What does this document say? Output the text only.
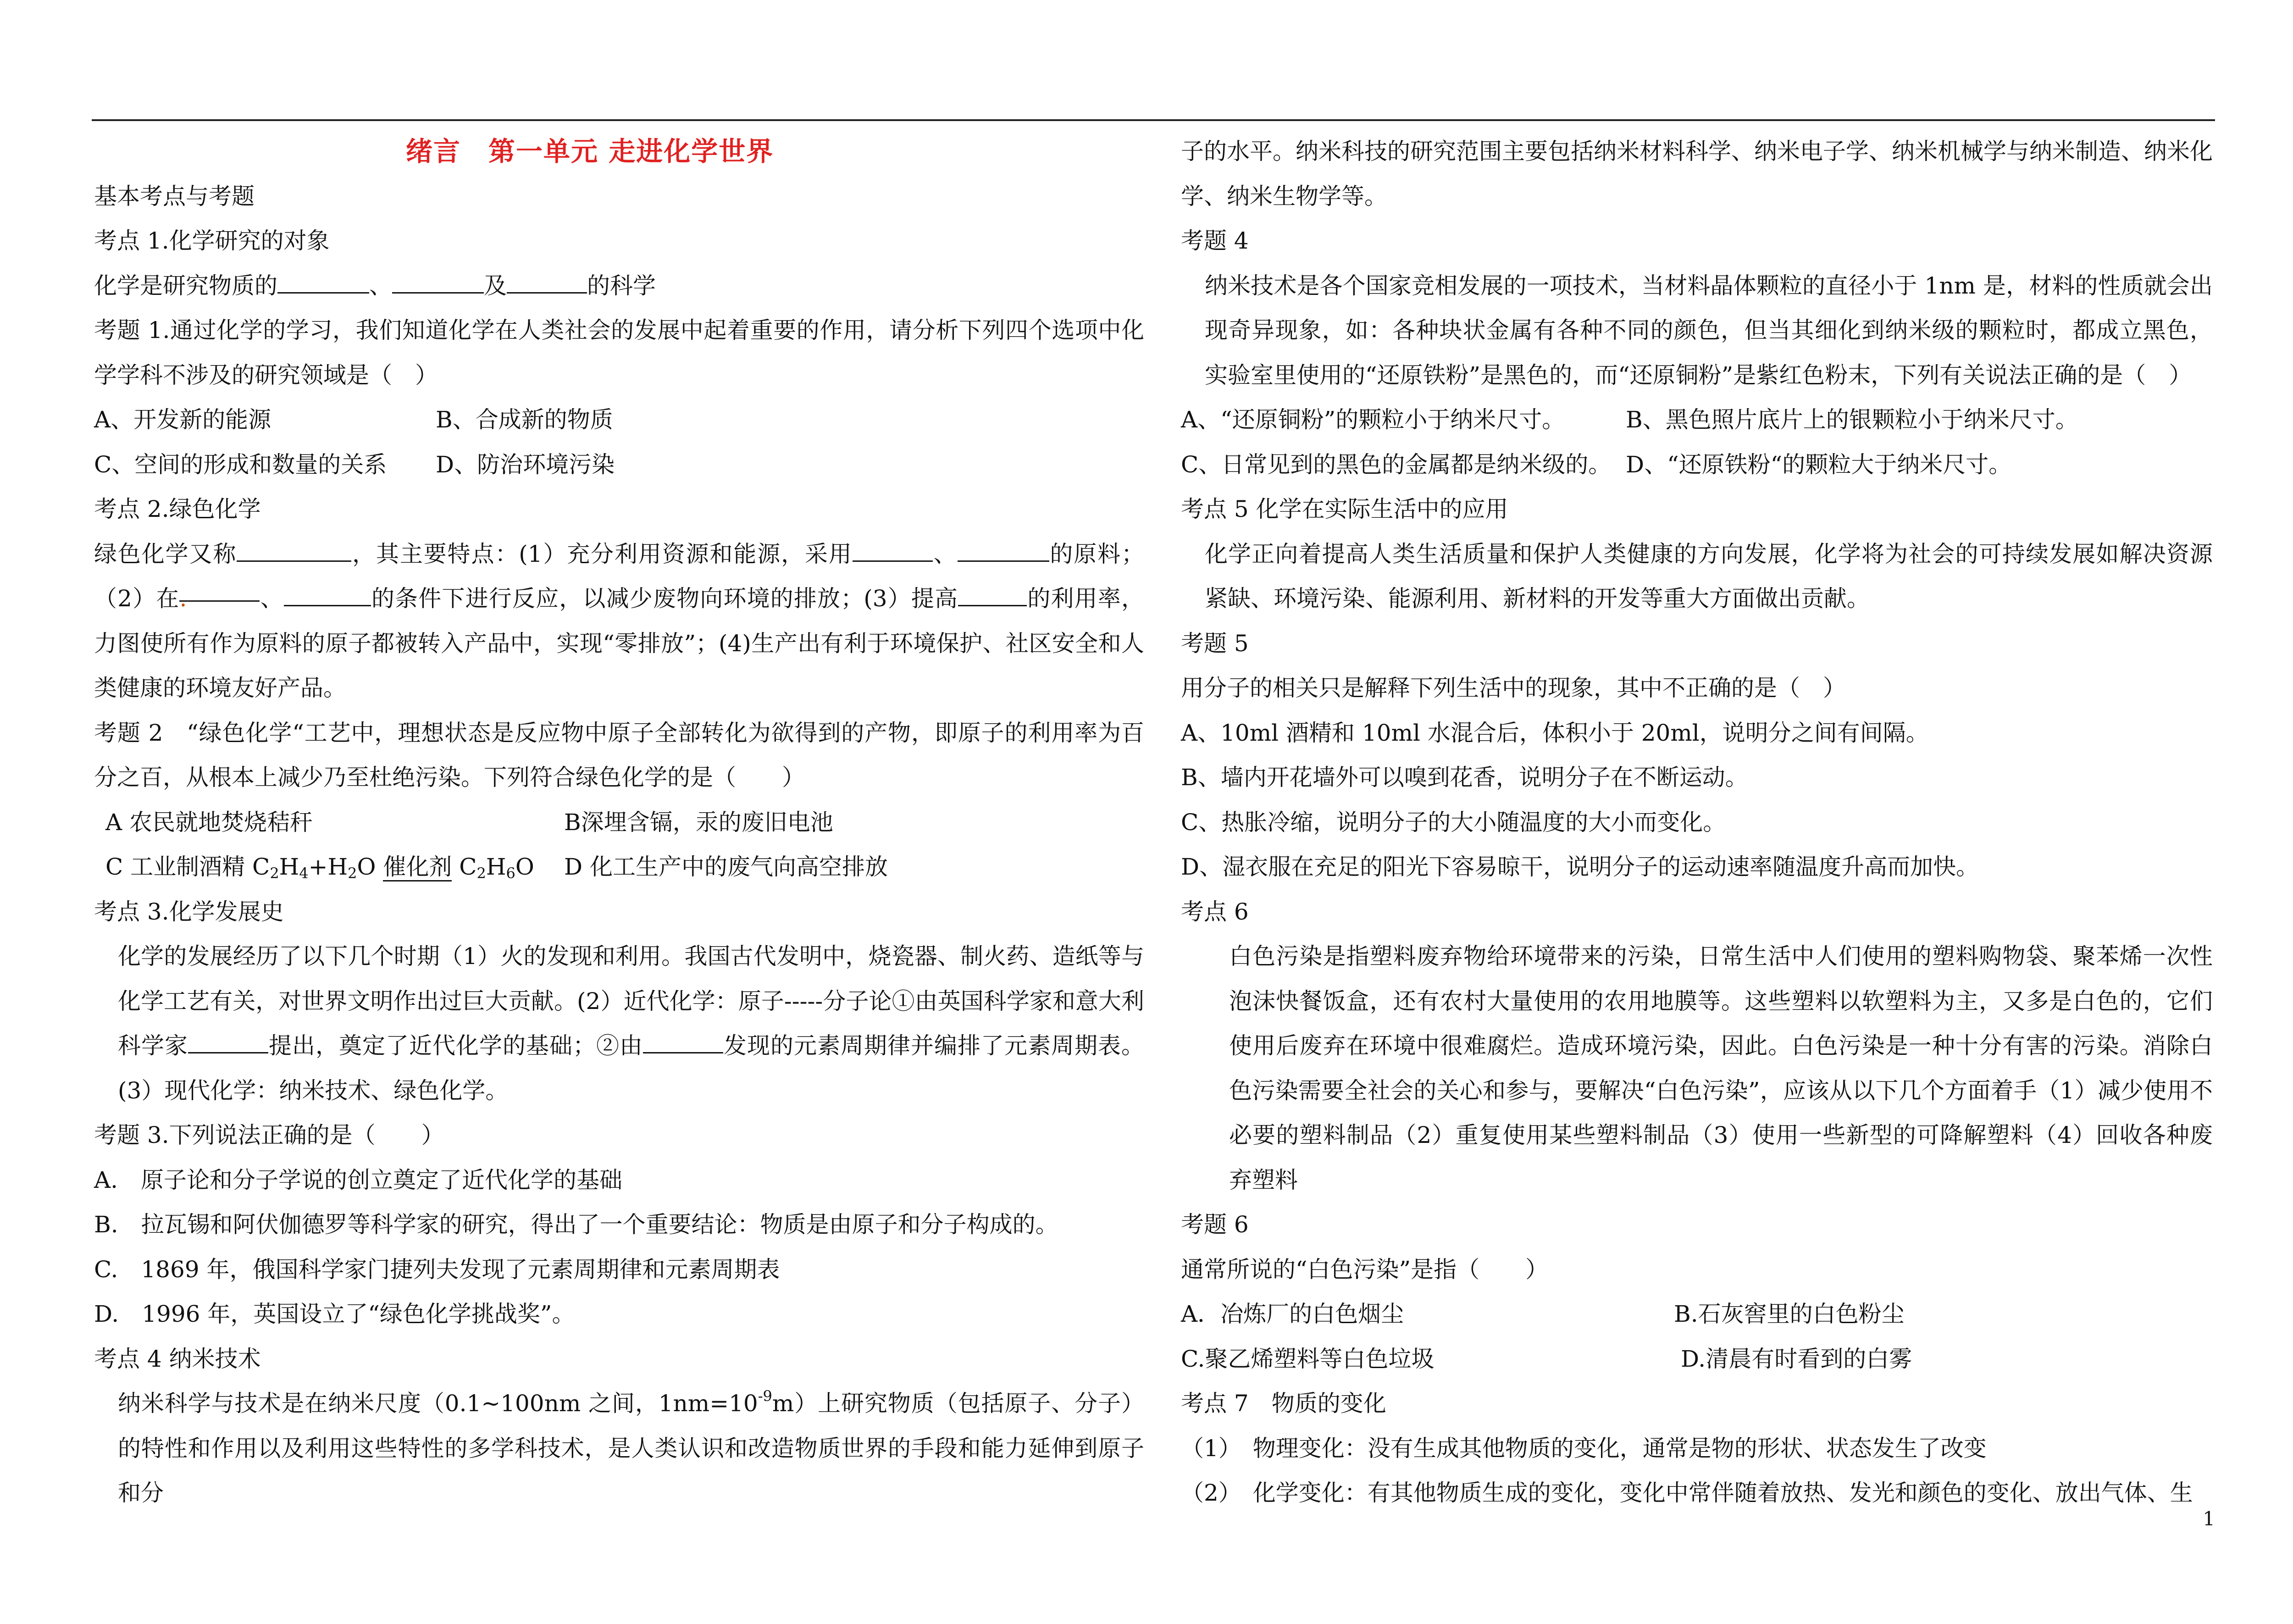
绪言　第一单元 走进化学世界
基本考点与考题
考点 1.化学研究的对象
化学是研究物质的	、	及	的科学
考题 1.通过化学的学习，我们知道化学在人类社会的发展中起着重要的作用，请分析下列四个选项中化学学科不涉及的研究领域是（　）
A、开发新的能源	B、合成新的物质
C、空间的形成和数量的关系 D、防治环境污染
考点 2.绿色化学
绿色化学又称	，其主要特点：(1）充分利用资源和能源，采用	、	的原料；（2）在.	、	的条件下进行反应，以减少废物向环境的排放；(3）提高	的利用率，力图使所有作为原料的原子都被转入产品中，实现“零排放”；(4)生产出有利于环境保护、社区安全和人类健康的环境友好产品。
考题 2　“绿色化学“工艺中，理想状态是反应物中原子全部转化为欲得到的产物，即原子的利用率为百分之百，从根本上减少乃至杜绝污染。下列符合绿色化学的是（　　）
A 农民就地焚烧秸秆	B深埋含镉，汞的废旧电池
C 工业制酒精 $C_2H_4+H_2O$ 催化剂 $C_2H_6O$ D 化工生产中的废气向高空排放
考点 3.化学发展史
化学的发展经历了以下几个时期（1）火的发现和利用。我国古代发明中，烧瓷器、制火药、造纸等与化学工艺有关，对世界文明作出过巨大贡献。(2）近代化学：原子-----分子论①由英国科学家和意大利科学家	提出，奠定了近代化学的基础；②由	发现的元素周期律并编排了元素周期表。(3）现代化学：纳米技术、绿色化学。
考题 3.下列说法正确的是（　　）
A.　原子论和分子学说的创立奠定了近代化学的基础
B.　拉瓦锡和阿伏伽德罗等科学家的研究，得出了一个重要结论：物质是由原子和分子构成的。
C.　1869 年，俄国科学家门捷列夫发现了元素周期律和元素周期表
D.　1996 年，英国设立了“绿色化学挑战奖”。
考点 4 纳米技术
纳米科学与技术是在纳米尺度（0.1~100nm 之间，$1nm=10^{-9}m$）上研究物质（包括原子、分子）的特性和作用以及利用这些特性的多学科技术，是人类认识和改造物质世界的手段和能力延伸到原子和分
子的水平。纳米科技的研究范围主要包括纳米材料科学、纳米电子学、纳米机械学与纳米制造、纳米化学、纳米生物学等。
考题 4
纳米技术是各个国家竞相发展的一项技术，当材料晶体颗粒的直径小于 1nm 是，材料的性质就会出现奇异现象，如：各种块状金属有各种不同的颜色，但当其细化到纳米级的颗粒时，都成立黑色，实验室里使用的“还原铁粉”是黑色的，而“还原铜粉”是紫红色粉末，下列有关说法正确的是（　）
A、“还原铜粉”的颗粒小于纳米尺寸。	B、黑色照片底片上的银颗粒小于纳米尺寸。
C、日常见到的黑色的金属都是纳米级的。 D、“还原铁粉“的颗粒大于纳米尺寸。
考点 5 化学在实际生活中的应用
化学正向着提高人类生活质量和保护人类健康的方向发展，化学将为社会的可持续发展如解决资源紧缺、环境污染、能源利用、新材料的开发等重大方面做出贡献。
考题 5
用分子的相关只是解释下列生活中的现象，其中不正确的是（　）
A、10ml 酒精和 10ml 水混合后，体积小于 20ml，说明分之间有间隔。
B、墙内开花墙外可以嗅到花香，说明分子在不断运动。
C、热胀冷缩，说明分子的大小随温度的大小而变化。
D、湿衣服在充足的阳光下容易晾干，说明分子的运动速率随温度升高而加快。
考点 6
白色污染是指塑料废弃物给环境带来的污染，日常生活中人们使用的塑料购物袋、聚苯烯一次性泡沫快餐饭盒，还有农村大量使用的农用地膜等。这些塑料以软塑料为主，又多是白色的，它们使用后废弃在环境中很难腐烂。造成环境污染，因此。白色污染是一种十分有害的污染。消除白色污染需要全社会的关心和参与，要解决“白色污染”，应该从以下几个方面着手（1）减少使用不必要的塑料制品（2）重复使用某些塑料制品（3）使用一些新型的可降解塑料（4）回收各种废弃塑料
考题 6
通常所说的“白色污染”是指（　　）
A．冶炼厂的白色烟尘	B.石灰窖里的白色粉尘
C.聚乙烯塑料等白色垃圾	D.清晨有时看到的白雾
考点 7　物质的变化
（1）　物理变化：没有生成其他物质的变化，通常是物的形状、状态发生了改变
（2）　化学变化：有其他物质生成的变化，变化中常伴随着放热、发光和颜色的变化、放出气体、生
1
